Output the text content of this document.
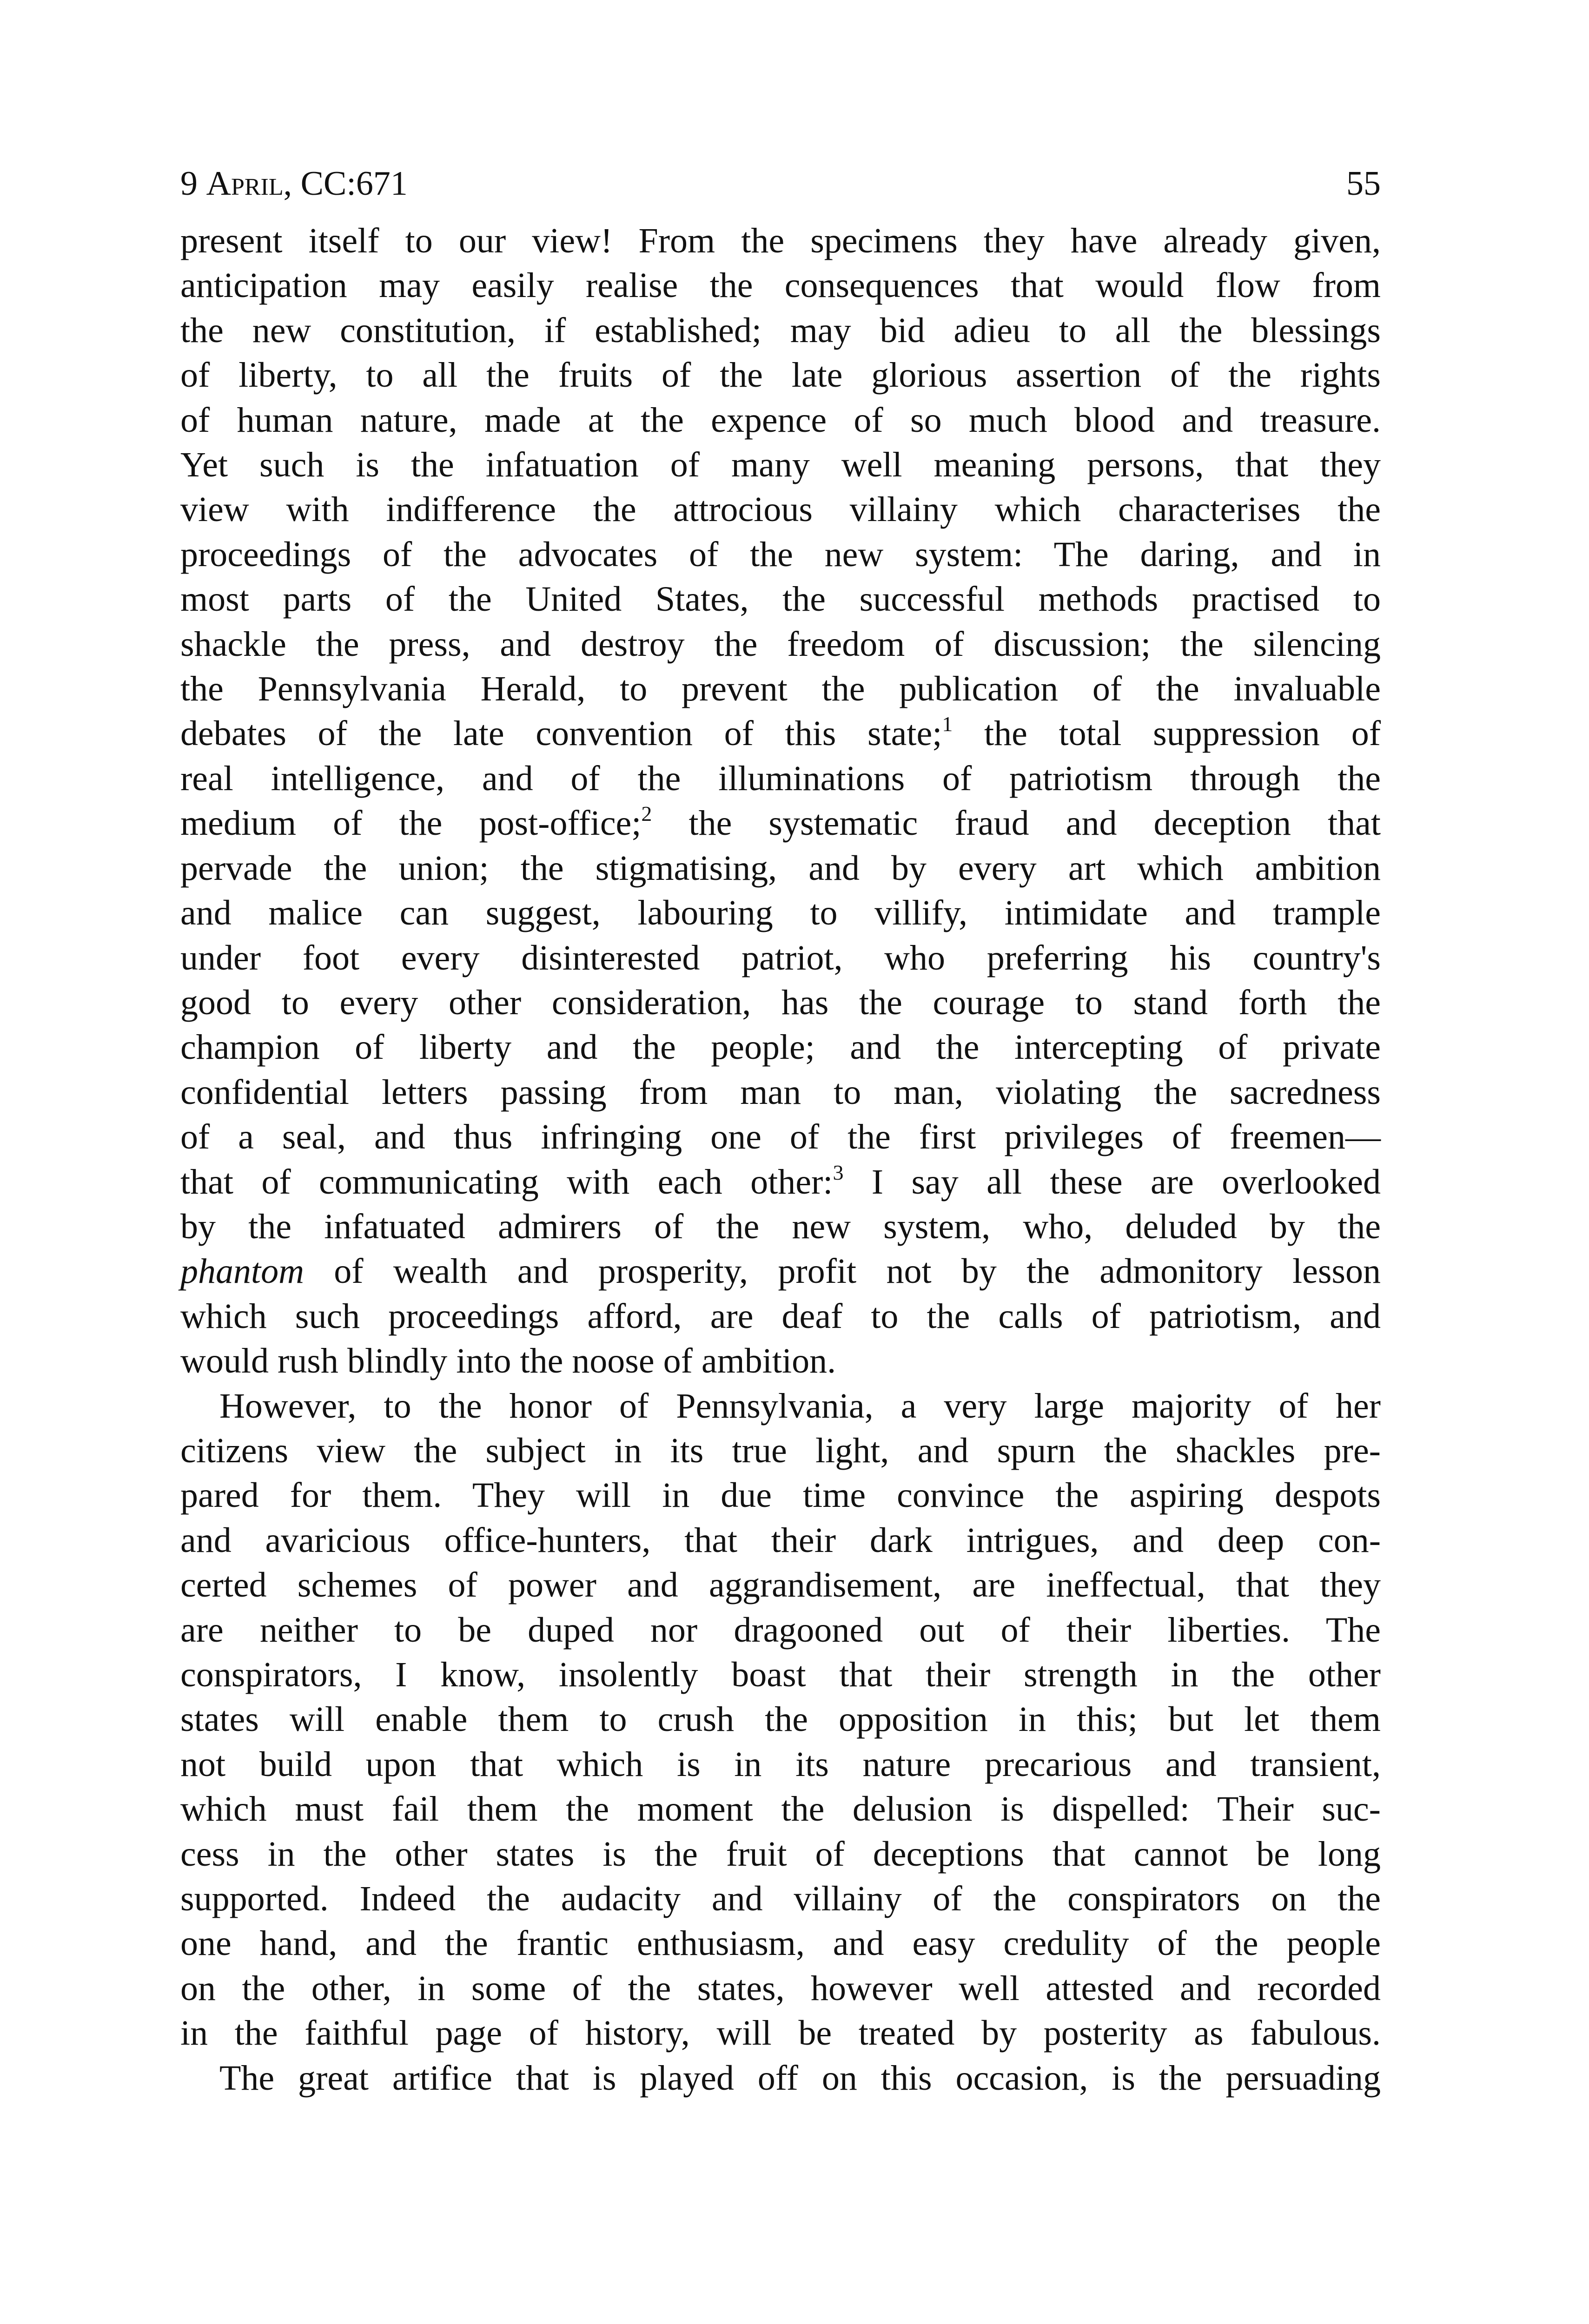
9 April, CC:671	55

present itself to our view! From the specimens they have already given,
anticipation may easily realise the consequences that would flow from
the new constitution, if established; may bid adieu to all the blessings
of liberty, to all the fruits of the late glorious assertion of the rights
of human nature, made at the expence of so much blood and treasure.
Yet such is the infatuation of many well meaning persons, that they
view with indifference the attrocious villainy which characterises the
proceedings of the advocates of the new system: The daring, and in
most parts of the United States, the successful methods practised to
shackle the press, and destroy the freedom of discussion; the silencing
the Pennsylvania Herald, to prevent the publication of the invaluable
debates of the late convention of this state;$^1$ the total suppression of
real intelligence, and of the illuminations of patriotism through the
medium of the post-office;$^2$ the systematic fraud and deception that
pervade the union; the stigmatising, and by every art which ambition
and malice can suggest, labouring to villify, intimidate and trample
under foot every disinterested patriot, who preferring his country's
good to every other consideration, has the courage to stand forth the
champion of liberty and the people; and the intercepting of private
confidential letters passing from man to man, violating the sacredness
of a seal, and thus infringing one of the first privileges of freemen—
that of communicating with each other:$^3$ I say all these are overlooked
by the infatuated admirers of the new system, who, deluded by the
phantom of wealth and prosperity, profit not by the admonitory lesson
which such proceedings afford, are deaf to the calls of patriotism, and
would rush blindly into the noose of ambition.

However, to the honor of Pennsylvania, a very large majority of her
citizens view the subject in its true light, and spurn the shackles pre-
pared for them. They will in due time convince the aspiring despots
and avaricious office-hunters, that their dark intrigues, and deep con-
certed schemes of power and aggrandisement, are ineffectual, that they
are neither to be duped nor dragooned out of their liberties. The
conspirators, I know, insolently boast that their strength in the other
states will enable them to crush the opposition in this; but let them
not build upon that which is in its nature precarious and transient,
which must fail them the moment the delusion is dispelled: Their suc-
cess in the other states is the fruit of deceptions that cannot be long
supported. Indeed the audacity and villainy of the conspirators on the
one hand, and the frantic enthusiasm, and easy credulity of the people
on the other, in some of the states, however well attested and recorded
in the faithful page of history, will be treated by posterity as fabulous.

The great artifice that is played off on this occasion, is the persuading
